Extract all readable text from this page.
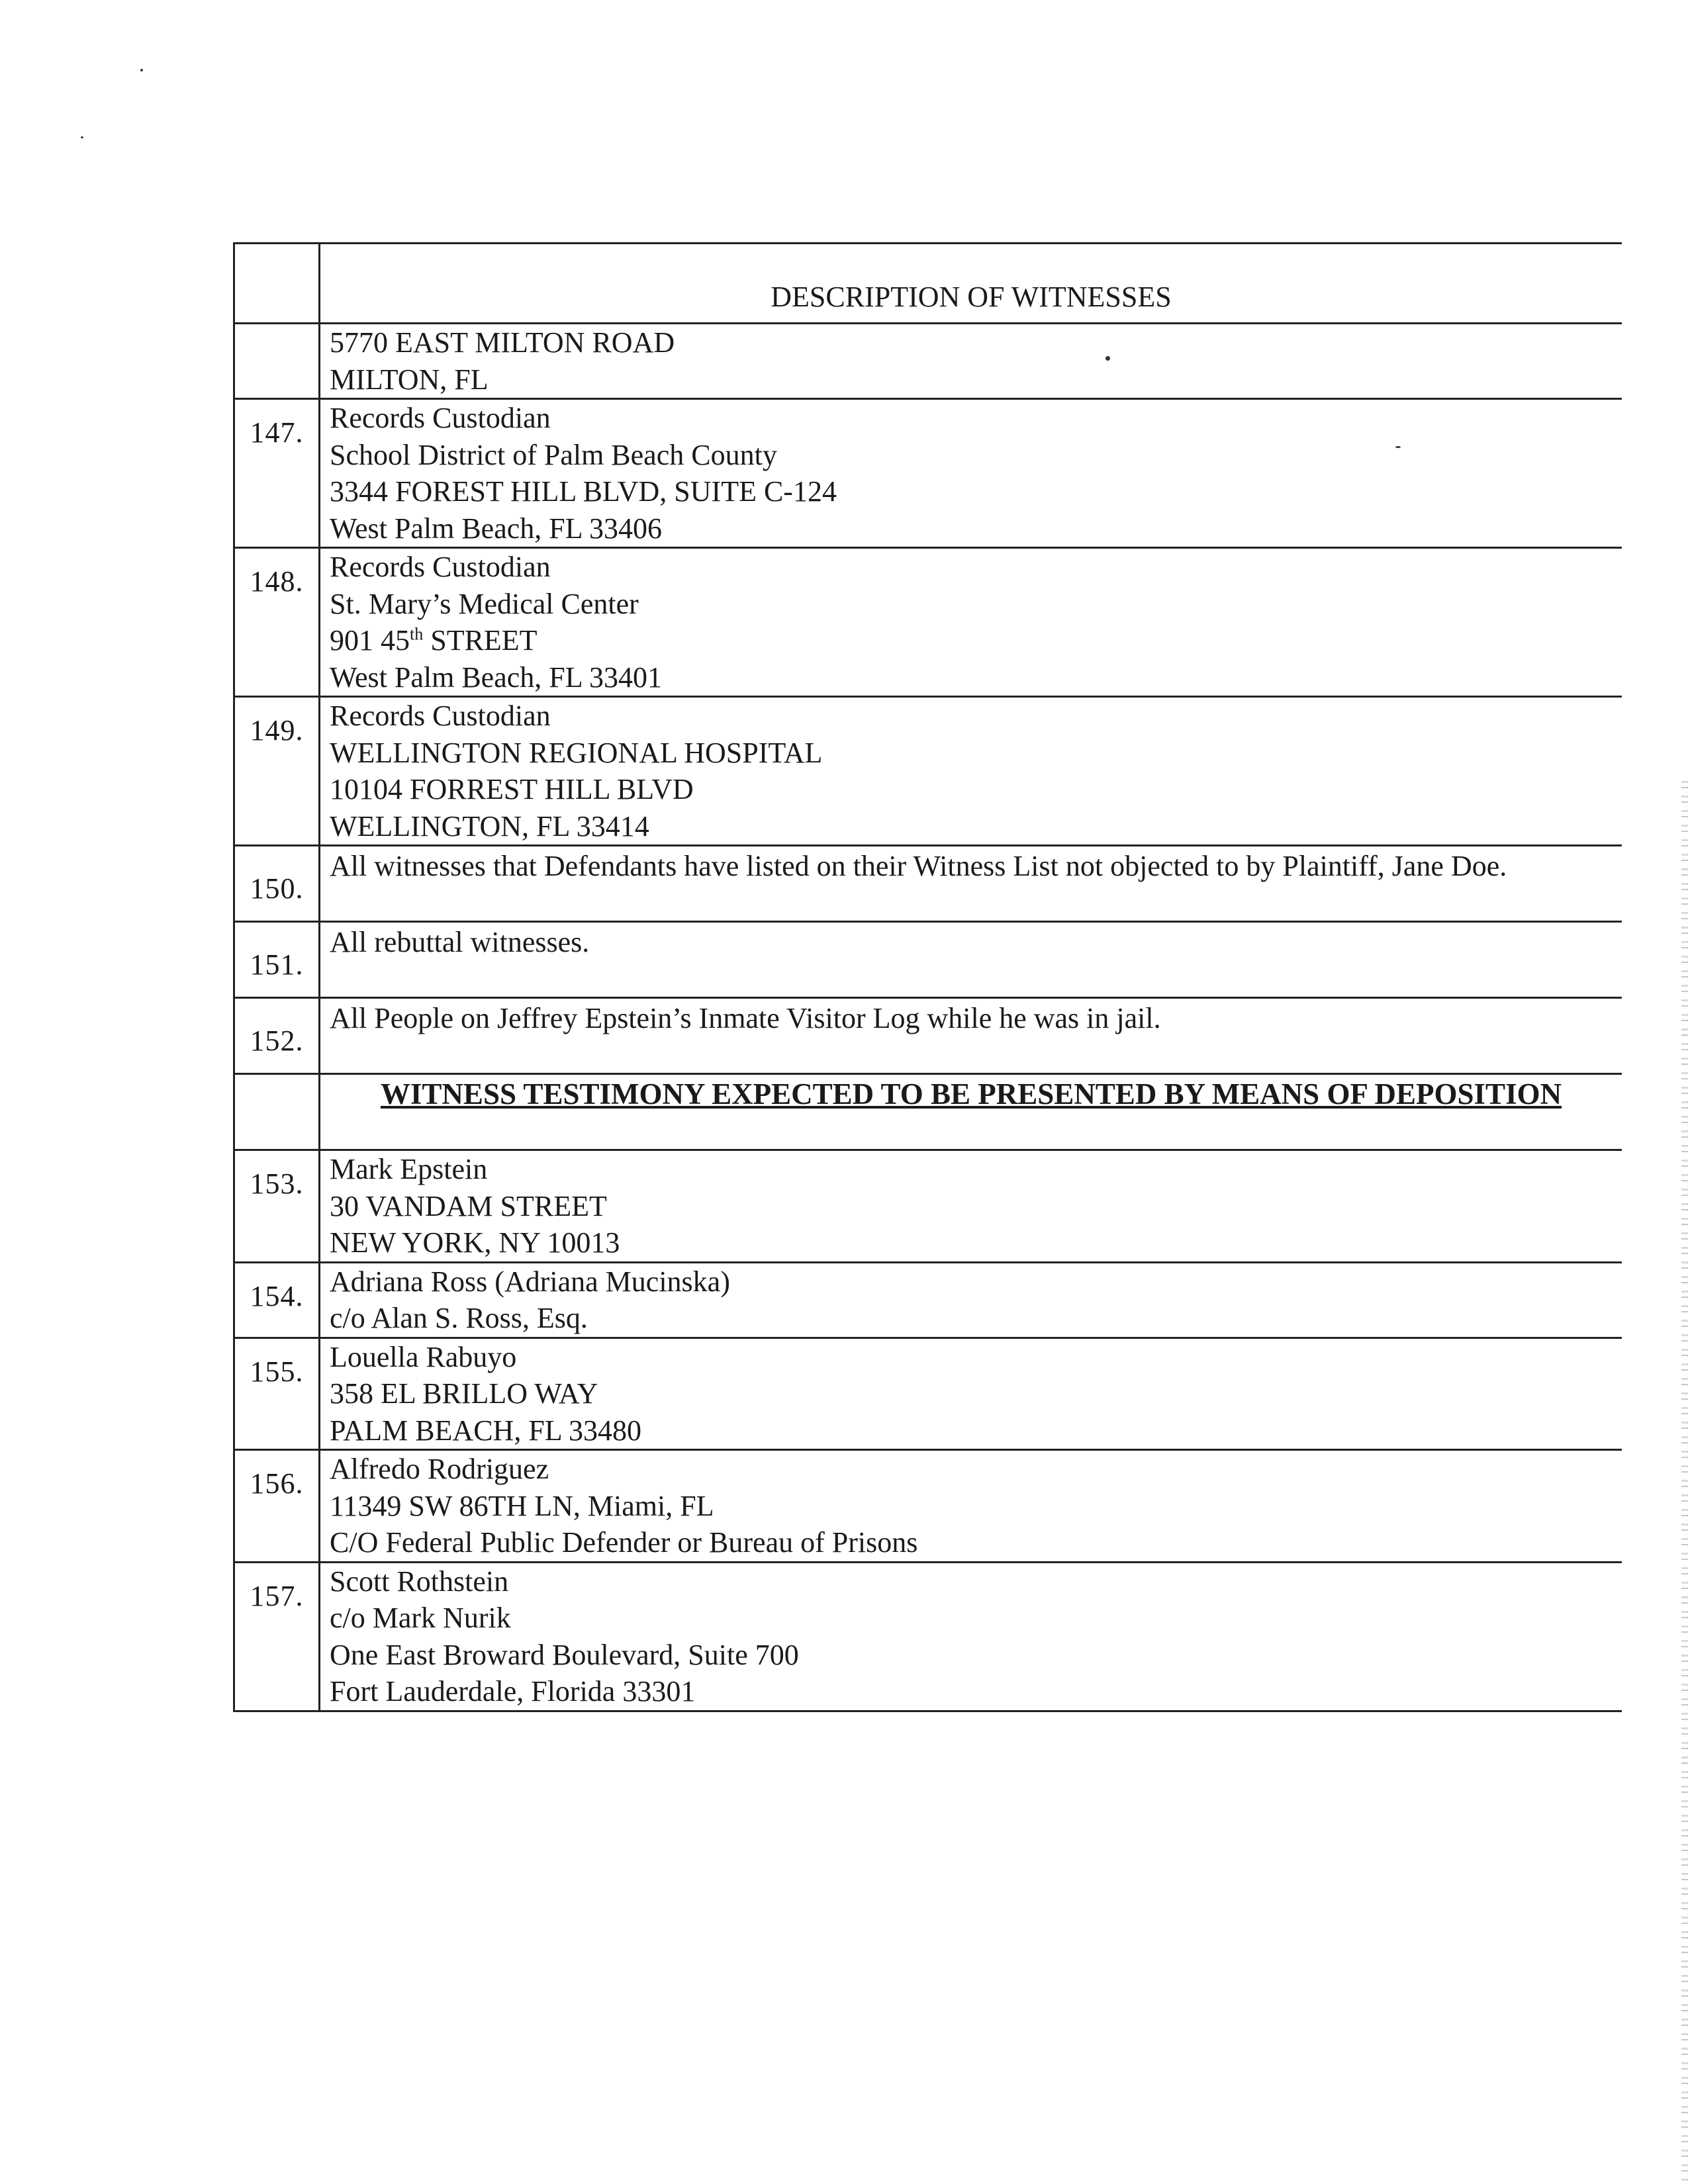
DESCRIPTION OF WITNESSES
5770 EAST MILTON ROAD
MILTON, FL
147. Records Custodian
School District of Palm Beach County
3344 FOREST HILL BLVD, SUITE C-124
West Palm Beach, FL 33406
148. Records Custodian
St. Mary’s Medical Center
901 45th STREET
West Palm Beach, FL 33401
149. Records Custodian
WELLINGTON REGIONAL HOSPITAL
10104 FORREST HILL BLVD
WELLINGTON, FL 33414
150.
All witnesses that Defendants have listed on their Witness List not objected to by Plaintiff, Jane Doe.
151.
All rebuttal witnesses.
152.
All People on Jeffrey Epstein’s Inmate Visitor Log while he was in jail.
WITNESS TESTIMONY EXPECTED TO BE PRESENTED BY MEANS OF DEPOSITION
153. Mark Epstein
30 VANDAM STREET
NEW YORK, NY 10013
154. Adriana Ross (Adriana Mucinska)
c/o Alan S. Ross, Esq.
155. Louella Rabuyo
358 EL BRILLO WAY
PALM BEACH, FL 33480
156. Alfredo Rodriguez
11349 SW 86TH LN, Miami, FL
C/O Federal Public Defender or Bureau of Prisons
157. Scott Rothstein
c/o Mark Nurik
One East Broward Boulevard, Suite 700
Fort Lauderdale, Florida 33301
